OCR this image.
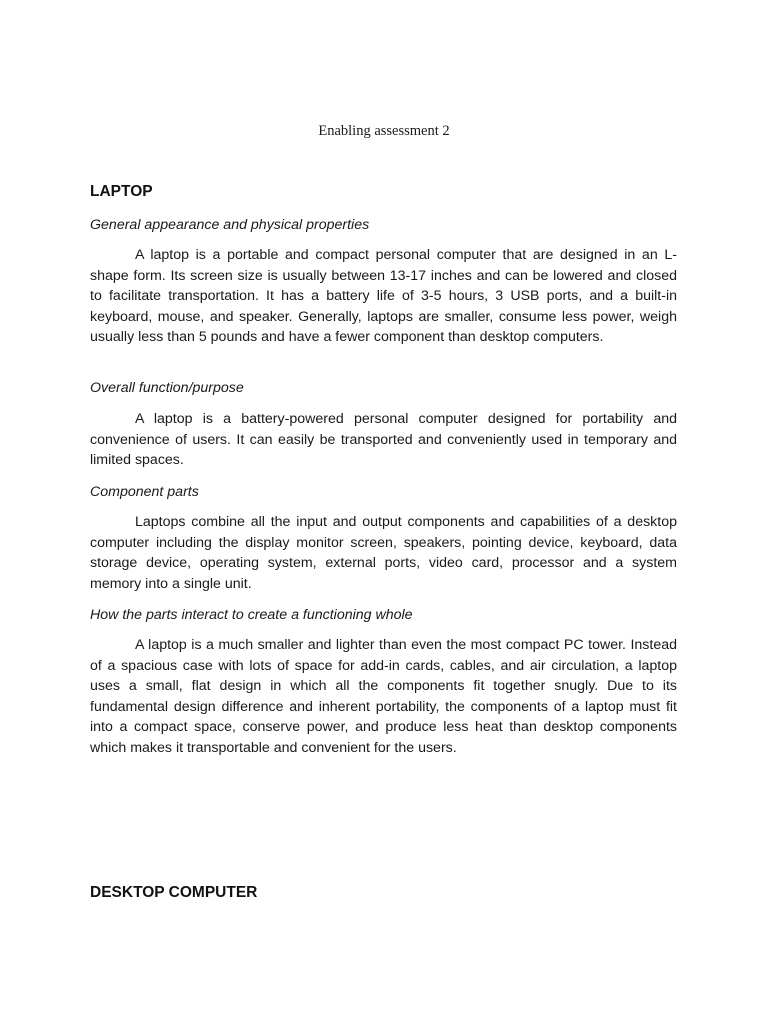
Enabling assessment 2

LAPTOP

General appearance and physical properties

A laptop is a portable and compact personal computer that are designed in an L-shape form. Its screen size is usually between 13-17 inches and can be lowered and closed to facilitate transportation. It has a battery life of 3-5 hours, 3 USB ports, and a built-in keyboard, mouse, and speaker. Generally, laptops are smaller, consume less power, weigh usually less than 5 pounds and have a fewer component than desktop computers.

Overall function/purpose

A laptop is a battery-powered personal computer designed for portability and convenience of users. It can easily be transported and conveniently used in temporary and limited spaces.

Component parts

Laptops combine all the input and output components and capabilities of a desktop computer including the display monitor screen, speakers, pointing device, keyboard, data storage device, operating system, external ports, video card, processor and a system memory into a single unit.

How the parts interact to create a functioning whole

A laptop is a much smaller and lighter than even the most compact PC tower. Instead of a spacious case with lots of space for add-in cards, cables, and air circulation, a laptop uses a small, flat design in which all the components fit together snugly. Due to its fundamental design difference and inherent portability, the components of a laptop must fit into a compact space, conserve power, and produce less heat than desktop components which makes it transportable and convenient for the users.

DESKTOP COMPUTER
